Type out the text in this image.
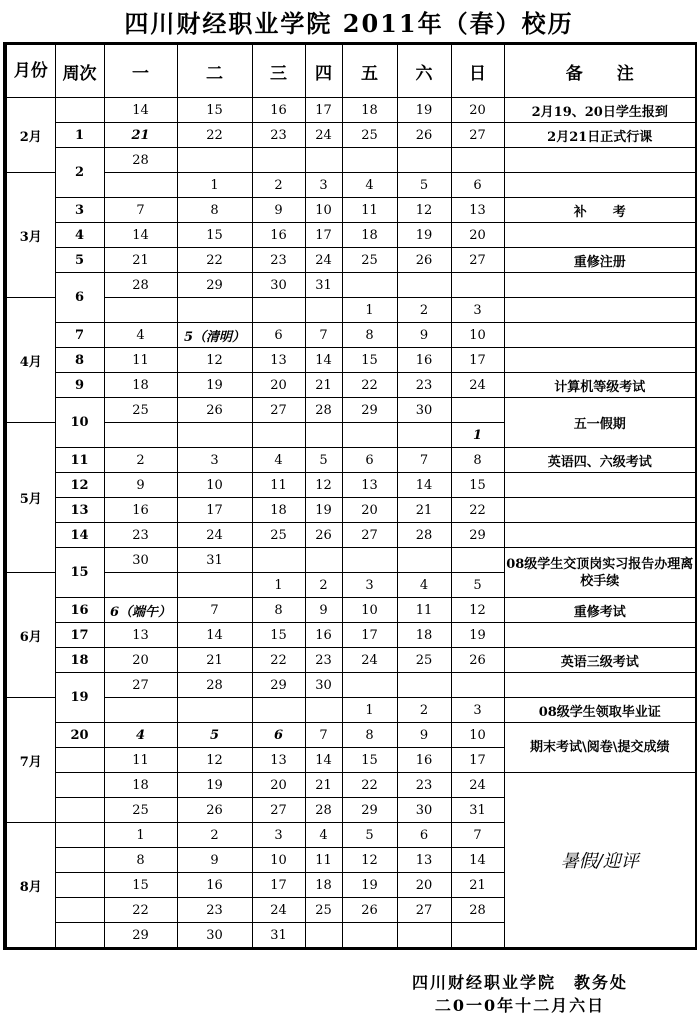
四川财经职业学院 2011年（春）校历
月份	周次	一	二	三	四	五	六	日	备　　注
2月		14	15	16	17	18	19	20	2月19、20日学生报到
	1	21	22	23	24	25	26	27	2月21日正式行课
	2	28							
3月			1	2	3	4	5	6	
	3	7	8	9	10	11	12	13	补　　考
	4	14	15	16	17	18	19	20	
	5	21	22	23	24	25	26	27	重修注册
	6	28	29	30	31				
4月						1	2	3	
	7	4	5（清明）	6	7	8	9	10	
	8	11	12	13	14	15	16	17	
	9	18	19	20	21	22	23	24	计算机等级考试
	10	25	26	27	28	29	30		五一假期
5月								1	
	11	2	3	4	5	6	7	8	英语四、六级考试
	12	9	10	11	12	13	14	15	
	13	16	17	18	19	20	21	22	
	14	23	24	25	26	27	28	29	
	15	30	31						08级学生交顶岗实习报告办理离校手续
6月				1	2	3	4	5	
	16	6（端午）	7	8	9	10	11	12	重修考试
	17	13	14	15	16	17	18	19	
	18	20	21	22	23	24	25	26	英语三级考试
	19	27	28	29	30				
7月						1	2	3	08级学生领取毕业证
	20	4	5	6	7	8	9	10	期末考试\阅卷\提交成绩
		11	12	13	14	15	16	17	
		18	19	20	21	22	23	24	暑假/迎评
		25	26	27	28	29	30	31	
8月		1	2	3	4	5	6	7	
		8	9	10	11	12	13	14	
		15	16	17	18	19	20	21	
		22	23	24	25	26	27	28	
		29	30	31					
四川财经职业学院　教务处
二0一0年十二月六日
